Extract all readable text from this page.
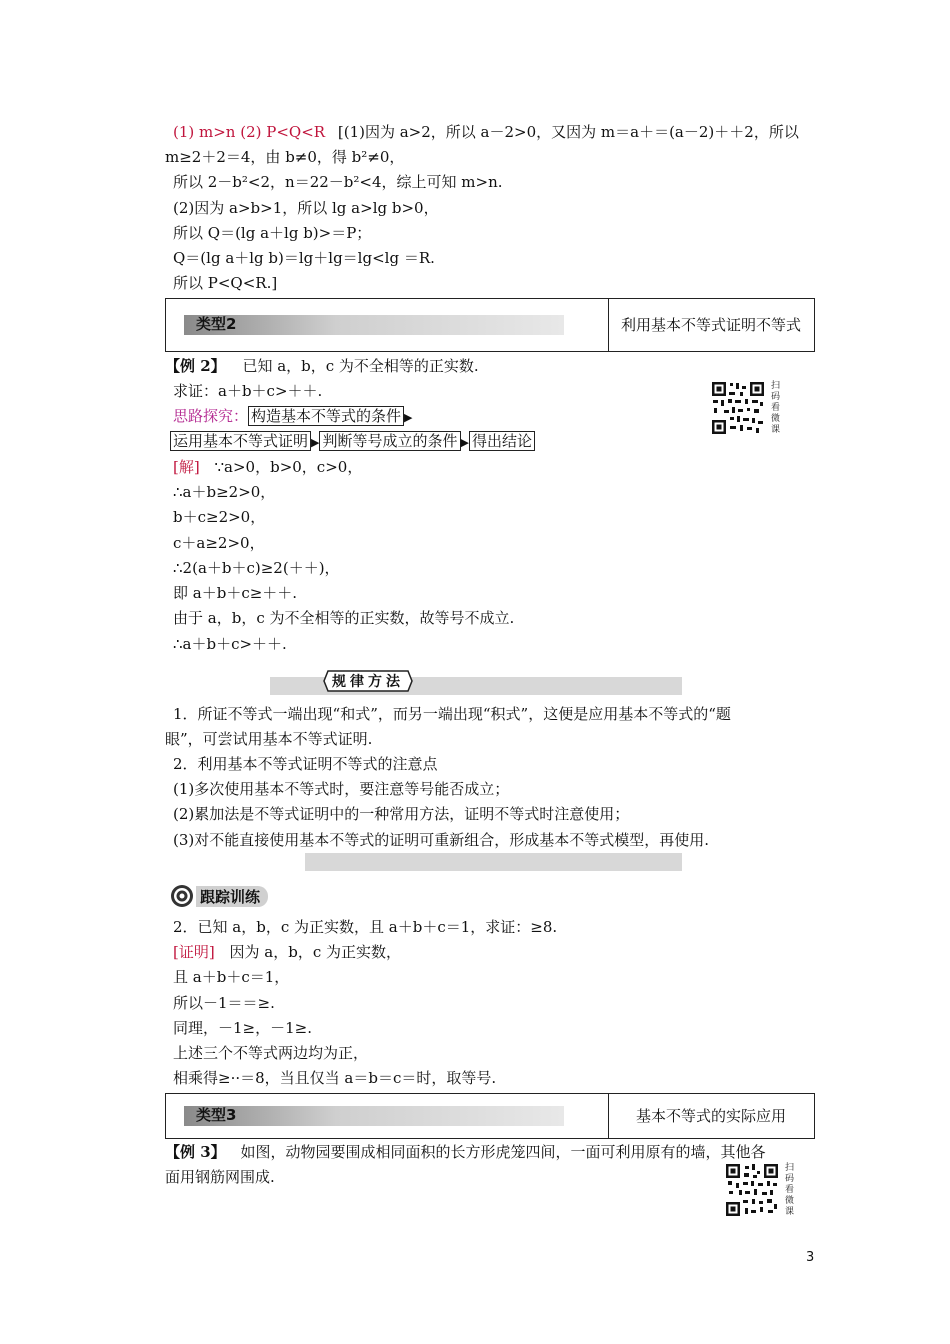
(1) m>n (2) P<Q<R [(1)因为 a>2，所以 a－2>0，又因为 m＝a＋＝(a－2)＋＋2，所以
m≥2＋2＝4，由 b≠0，得 b²≠0，
所以 2－b²<2，n＝22－b²<4，综上可知 m>n.
(2)因为 a>b>1，所以 lg a>lg b>0，
所以 Q＝(lg a＋lg b)>＝P；
Q＝(lg a＋lg b)＝lg＋lg＝lg<lg ＝R.
所以 P<Q<R.]
类型2	利用基本不等式证明不等式
【例 2】 已知 a，b，c 为不全相等的正实数.
求证：a＋b＋c>＋＋.
思路探究： 构造基本不等式的条件 ▶
运用基本不等式证明 ▶ 判断等号成立的条件 ▶ 得出结论
扫码看微课
[解] ∵a>0，b>0，c>0，
∴a＋b≥2>0，
b＋c≥2>0，
c＋a≥2>0，
∴2(a＋b＋c)≥2(＋＋)，
即 a＋b＋c≥＋＋.
由于 a，b，c 为不全相等的正实数，故等号不成立.
∴a＋b＋c>＋＋.
规律方法
1．所证不等式一端出现“和式”，而另一端出现“积式”，这便是应用基本不等式的“题
眼”，可尝试用基本不等式证明.
2．利用基本不等式证明不等式的注意点
(1)多次使用基本不等式时，要注意等号能否成立；
(2)累加法是不等式证明中的一种常用方法，证明不等式时注意使用；
(3)对不能直接使用基本不等式的证明可重新组合，形成基本不等式模型，再使用.
跟踪训练
2．已知 a，b，c 为正实数，且 a＋b＋c＝1，求证：≥8.
[证明] 因为 a，b，c 为正实数，
且 a＋b＋c＝1，
所以－1＝＝≥.
同理，－1≥，－1≥.
上述三个不等式两边均为正，
相乘得≥··＝8，当且仅当 a＝b＝c＝时，取等号.
类型3	基本不等式的实际应用
【例 3】 如图，动物园要围成相同面积的长方形虎笼四间，一面可利用原有的墙，其他各
面用钢筋网围成.	扫码看微课
3
